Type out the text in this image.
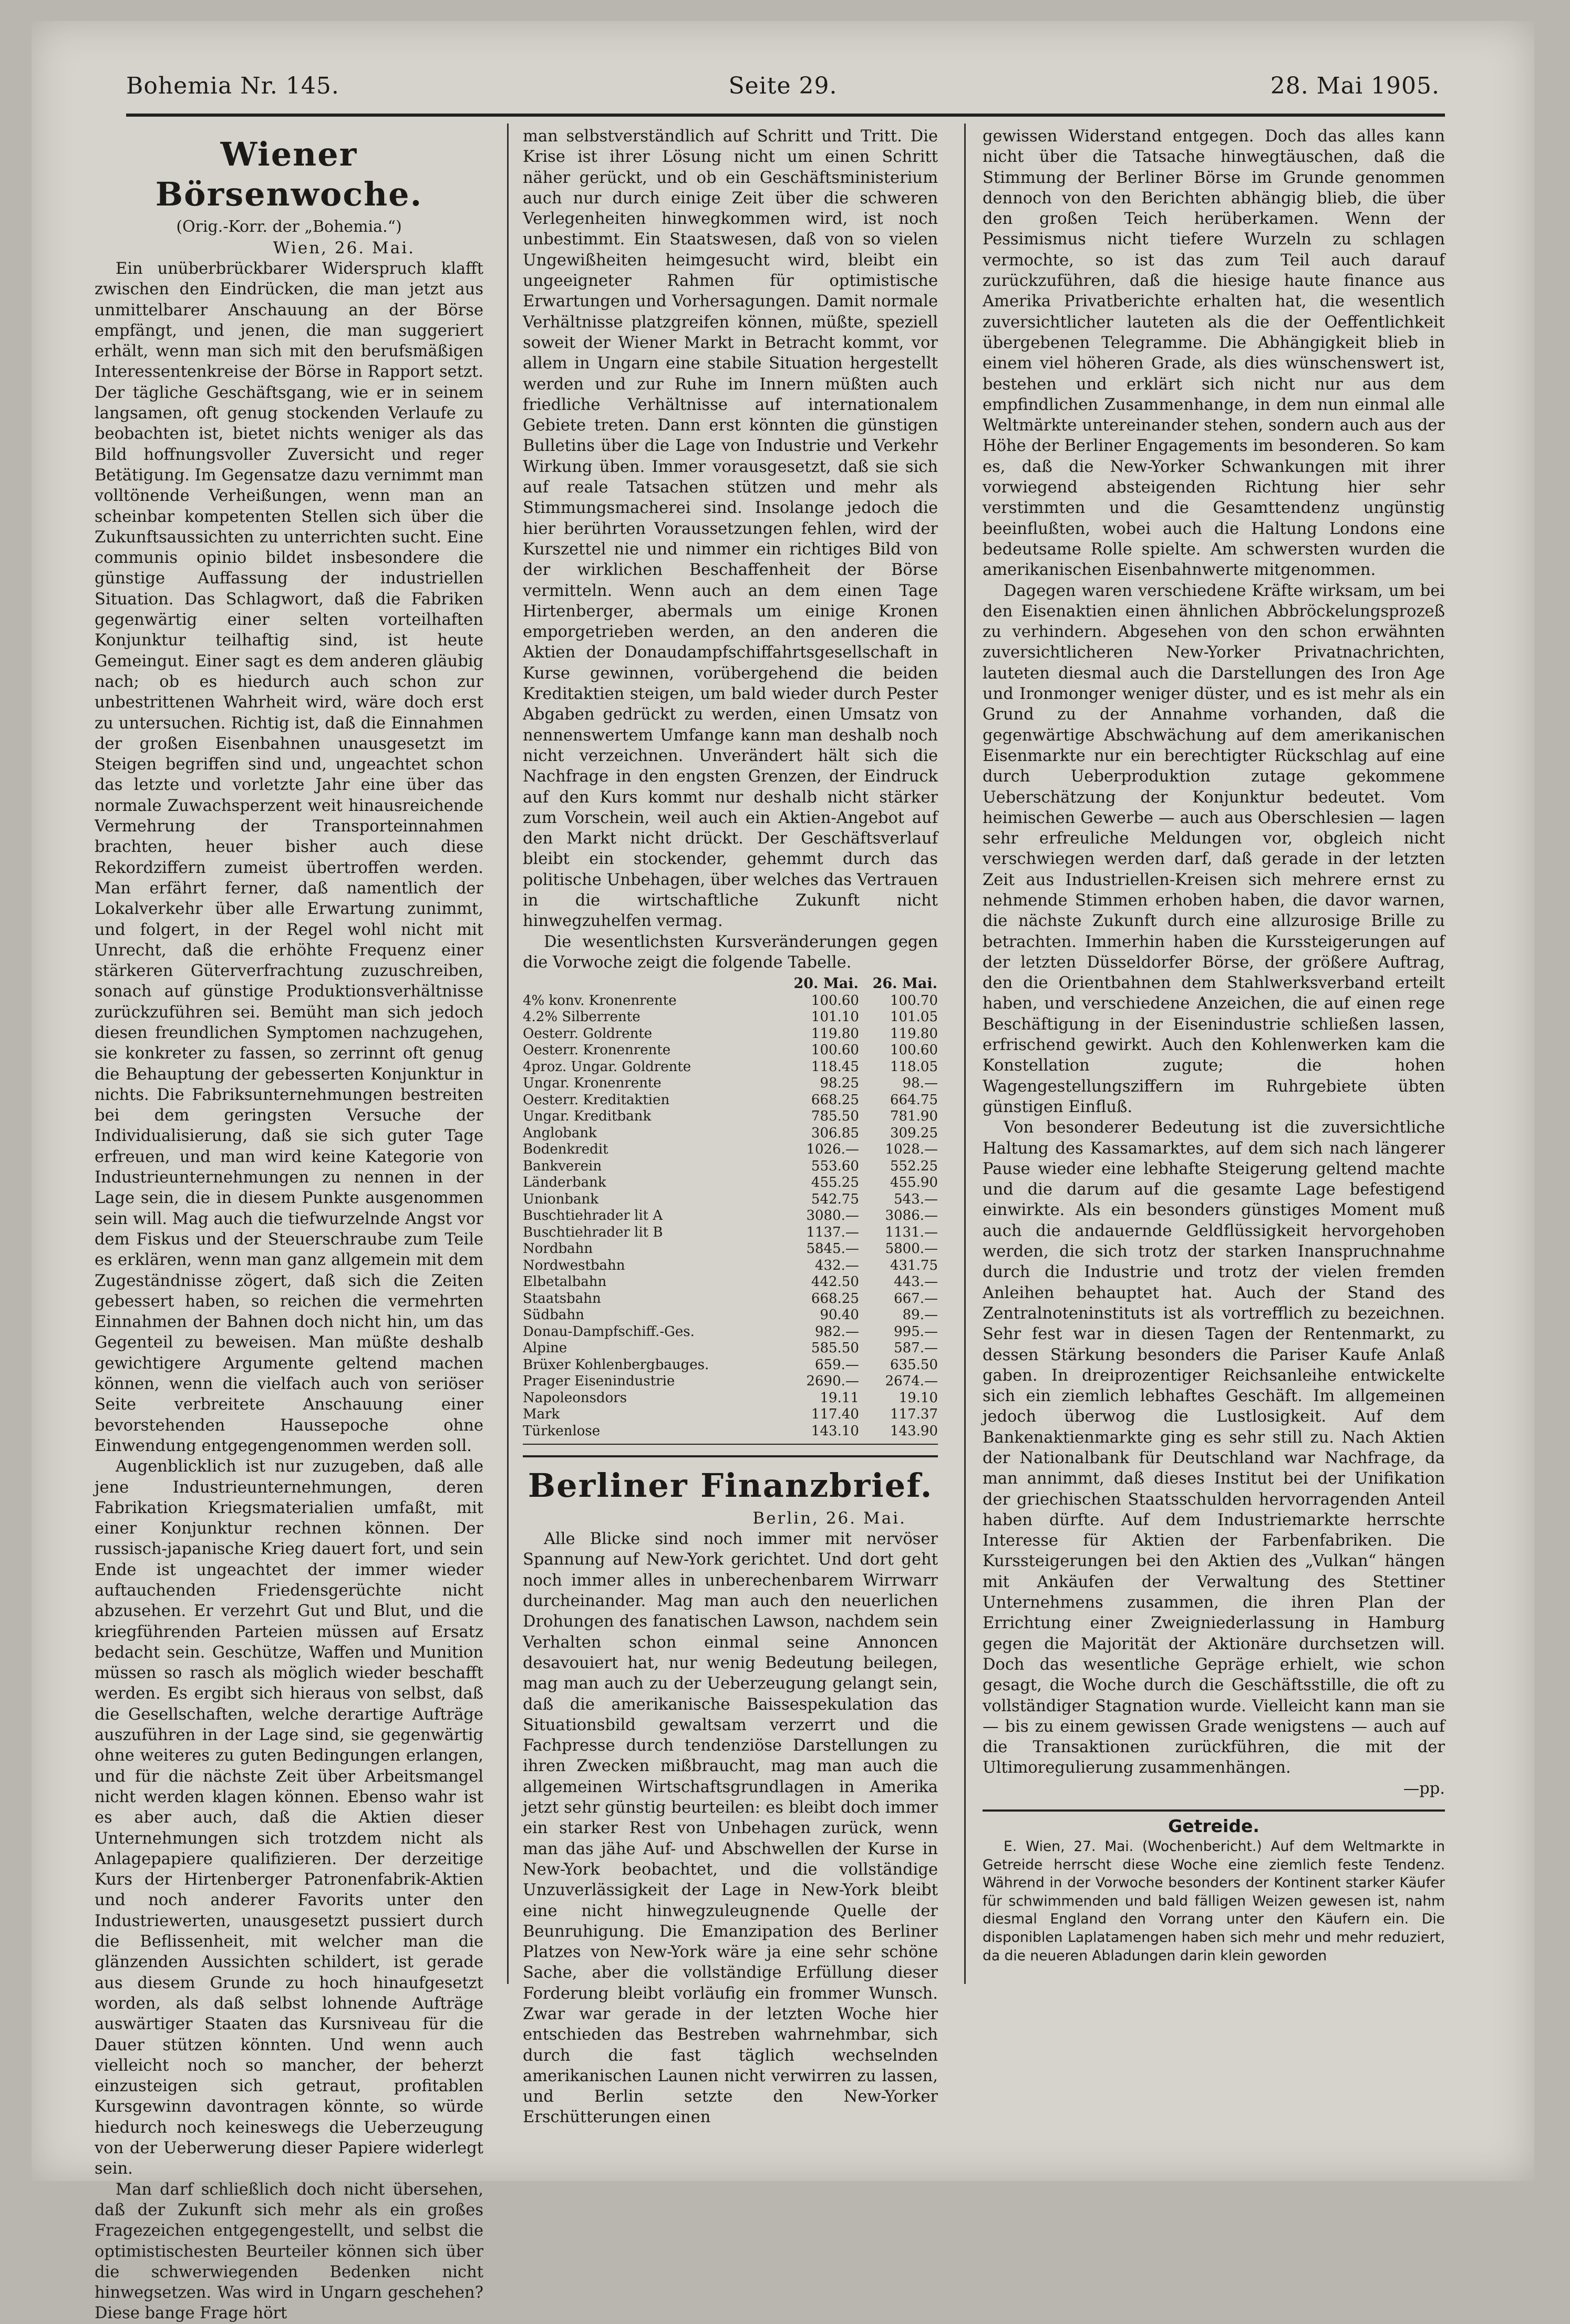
Bohemia Nr. 145.	Seite 29.	28. Mai 1905.
Wiener Börsenwoche.
(Orig.-Korr. der „Bohemia.“)
Wien, 26. Mai.

Ein unüberbrückbarer Widerspruch klafft zwischen den Eindrücken, die man jetzt aus unmittelbarer Anschauung an der Börse empfängt, und jenen, die man suggeriert erhält, wenn man sich mit den berufsmäßigen Interessentenkreise der Börse in Rapport setzt. Der tägliche Geschäftsgang, wie er in seinem langsamen, oft genug stockenden Verlaufe zu beobachten ist, bietet nichts weniger als das Bild hoffnungsvoller Zuversicht und reger Betätigung. Im Gegensatze dazu vernimmt man volltönende Verheißungen, wenn man an scheinbar kompetenten Stellen sich über die Zukunftsaussichten zu unterrichten sucht. Eine communis opinio bildet insbesondere die günstige Auffassung der industriellen Situation. Das Schlagwort, daß die Fabriken gegenwärtig einer selten vorteilhaften Konjunktur teilhaftig sind, ist heute Gemeingut. Einer sagt es dem anderen gläubig nach; ob es hiedurch auch schon zur unbestrittenen Wahrheit wird, wäre doch erst zu untersuchen. Richtig ist, daß die Einnahmen der großen Eisenbahnen unausgesetzt im Steigen begriffen sind und, ungeachtet schon das letzte und vorletzte Jahr eine über das normale Zuwachsperzent weit hinausreichende Vermehrung der Transporteinnahmen brachten, heuer bisher auch diese Rekordziffern zumeist übertroffen werden. Man erfährt ferner, daß namentlich der Lokalverkehr über alle Erwartung zunimmt, und folgert, in der Regel wohl nicht mit Unrecht, daß die erhöhte Frequenz einer stärkeren Güterverfrachtung zuzuschreiben, sonach auf günstige Produktionsverhältnisse zurückzuführen sei. Bemüht man sich jedoch diesen freundlichen Symptomen nachzugehen, sie konkreter zu fassen, so zerrinnt oft genug die Behauptung der gebesserten Konjunktur in nichts. Die Fabriksunternehmungen bestreiten bei dem geringsten Versuche der Individualisierung, daß sie sich guter Tage erfreuen, und man wird keine Kategorie von Industrieunternehmungen zu nennen in der Lage sein, die in diesem Punkte ausgenommen sein will. Mag auch die tiefwurzelnde Angst vor dem Fiskus und der Steuerschraube zum Teile es erklären, wenn man ganz allgemein mit dem Zugeständnisse zögert, daß sich die Zeiten gebessert haben, so reichen die vermehrten Einnahmen der Bahnen doch nicht hin, um das Gegenteil zu beweisen. Man müßte deshalb gewichtigere Argumente geltend machen können, wenn die vielfach auch von seriöser Seite verbreitete Anschauung einer bevorstehenden Haussepoche ohne Einwendung entgegengenommen werden soll.

Augenblicklich ist nur zuzugeben, daß alle jene Industrieunternehmungen, deren Fabrikation Kriegsmaterialien umfaßt, mit einer Konjunktur rechnen können. Der russisch-japanische Krieg dauert fort, und sein Ende ist ungeachtet der immer wieder auftauchenden Friedensgerüchte nicht abzusehen. Er verzehrt Gut und Blut, und die kriegführenden Parteien müssen auf Ersatz bedacht sein. Geschütze, Waffen und Munition müssen so rasch als möglich wieder beschafft werden. Es ergibt sich hieraus von selbst, daß die Gesellschaften, welche derartige Aufträge auszuführen in der Lage sind, sie gegenwärtig ohne weiteres zu guten Bedingungen erlangen, und für die nächste Zeit über Arbeitsmangel nicht werden klagen können. Ebenso wahr ist es aber auch, daß die Aktien dieser Unternehmungen sich trotzdem nicht als Anlagepapiere qualifizieren. Der derzeitige Kurs der Hirtenberger Patronenfabrik-Aktien und noch anderer Favorits unter den Industriewerten, unausgesetzt pussiert durch die Beflissenheit, mit welcher man die glänzenden Aussichten schildert, ist gerade aus diesem Grunde zu hoch hinaufgesetzt worden, als daß selbst lohnende Aufträge auswärtiger Staaten das Kursniveau für die Dauer stützen könnten. Und wenn auch vielleicht noch so mancher, der beherzt einzusteigen sich getraut, profitablen Kursgewinn davontragen könnte, so würde hiedurch noch keineswegs die Ueberzeugung von der Ueberwerung dieser Papiere widerlegt sein.

Man darf schließlich doch nicht übersehen, daß der Zukunft sich mehr als ein großes Fragezeichen entgegengestellt, und selbst die optimistischesten Beurteiler können sich über die schwerwiegenden Bedenken nicht hinwegsetzen. Was wird in Ungarn geschehen? Diese bange Frage hört

man selbstverständlich auf Schritt und Tritt. Die Krise ist ihrer Lösung nicht um einen Schritt näher gerückt, und ob ein Geschäftsministerium auch nur durch einige Zeit über die schweren Verlegenheiten hinwegkommen wird, ist noch unbestimmt. Ein Staatswesen, daß von so vielen Ungewißheiten heimgesucht wird, bleibt ein ungeeigneter Rahmen für optimistische Erwartungen und Vorhersagungen. Damit normale Verhältnisse platzgreifen können, müßte, speziell soweit der Wiener Markt in Betracht kommt, vor allem in Ungarn eine stabile Situation hergestellt werden und zur Ruhe im Innern müßten auch friedliche Verhältnisse auf internationalem Gebiete treten. Dann erst könnten die günstigen Bulletins über die Lage von Industrie und Verkehr Wirkung üben. Immer vorausgesetzt, daß sie sich auf reale Tatsachen stützen und mehr als Stimmungsmacherei sind. Insolange jedoch die hier berührten Voraussetzungen fehlen, wird der Kurszettel nie und nimmer ein richtiges Bild von der wirklichen Beschaffenheit der Börse vermitteln. Wenn auch an dem einen Tage Hirtenberger, abermals um einige Kronen emporgetrieben werden, an den anderen die Aktien der Donaudampfschiffahrtsgesellschaft in Kurse gewinnen, vorübergehend die beiden Kreditaktien steigen, um bald wieder durch Pester Abgaben gedrückt zu werden, einen Umsatz von nennenswertem Umfange kann man deshalb noch nicht verzeichnen. Unverändert hält sich die Nachfrage in den engsten Grenzen, der Eindruck auf den Kurs kommt nur deshalb nicht stärker zum Vorschein, weil auch ein Aktien-Angebot auf den Markt nicht drückt. Der Geschäftsverlauf bleibt ein stockender, gehemmt durch das politische Unbehagen, über welches das Vertrauen in die wirtschaftliche Zukunft nicht hinwegzuhelfen vermag.

Die wesentlichsten Kursveränderungen gegen die Vorwoche zeigt die folgende Tabelle.

	20. Mai.	26. Mai.
4% konv. Kronenrente	100.60	100.70
4.2% Silberrente	101.10	101.05
Oesterr. Goldrente	119.80	119.80
Oesterr. Kronenrente	100.60	100.60
4proz. Ungar. Goldrente	118.45	118.05
Ungar. Kronenrente	98.25	98.—
Oesterr. Kreditaktien	668.25	664.75
Ungar. Kreditbank	785.50	781.90
Anglobank	306.85	309.25
Bodenkredit	1026.—	1028.—
Bankverein	553.60	552.25
Länderbank	455.25	455.90
Unionbank	542.75	543.—
Buschtiehrader lit A	3080.—	3086.—
Buschtiehrader lit B	1137.—	1131.—
Nordbahn	5845.—	5800.—
Nordwestbahn	432.—	431.75
Elbetalbahn	442.50	443.—
Staatsbahn	668.25	667.—
Südbahn	90.40	89.—
Donau-Dampfschiff.-Ges.	982.—	995.—
Alpine	585.50	587.—
Brüxer Kohlenbergbauges.	659.—	635.50
Prager Eisenindustrie	2690.—	2674.—
Napoleonsdors	19.11	19.10
Mark	117.40	117.37
Türkenlose	143.10	143.90
Berliner Finanzbrief.
Berlin, 26. Mai.

Alle Blicke sind noch immer mit nervöser Spannung auf New-York gerichtet. Und dort geht noch immer alles in unberechenbarem Wirrwarr durcheinander. Mag man auch den neuerlichen Drohungen des fanatischen Lawson, nachdem sein Verhalten schon einmal seine Annoncen desavouiert hat, nur wenig Bedeutung beilegen, mag man auch zu der Ueberzeugung gelangt sein, daß die amerikanische Baissespekulation das Situationsbild gewaltsam verzerrt und die Fachpresse durch tendenziöse Darstellungen zu ihren Zwecken mißbraucht, mag man auch die allgemeinen Wirtschaftsgrundlagen in Amerika jetzt sehr günstig beurteilen: es bleibt doch immer ein starker Rest von Unbehagen zurück, wenn man das jähe Auf- und Abschwellen der Kurse in New-York beobachtet, und die vollständige Unzuverlässigkeit der Lage in New-York bleibt eine nicht hinwegzuleugnende Quelle der Beunruhigung. Die Emanzipation des Berliner Platzes von New-York wäre ja eine sehr schöne Sache, aber die vollständige Erfüllung dieser Forderung bleibt vorläufig ein frommer Wunsch. Zwar war gerade in der letzten Woche hier entschieden das Bestreben wahrnehmbar, sich durch die fast täglich wechselnden amerikanischen Launen nicht verwirren zu lassen, und Berlin setzte den New-Yorker Erschütterungen einen

gewissen Widerstand entgegen. Doch das alles kann nicht über die Tatsache hinwegtäuschen, daß die Stimmung der Berliner Börse im Grunde genommen dennoch von den Berichten abhängig blieb, die über den großen Teich herüberkamen. Wenn der Pessimismus nicht tiefere Wurzeln zu schlagen vermochte, so ist das zum Teil auch darauf zurückzuführen, daß die hiesige haute finance aus Amerika Privatberichte erhalten hat, die wesentlich zuversichtlicher lauteten als die der Oeffentlichkeit übergebenen Telegramme. Die Abhängigkeit blieb in einem viel höheren Grade, als dies wünschenswert ist, bestehen und erklärt sich nicht nur aus dem empfindlichen Zusammenhange, in dem nun einmal alle Weltmärkte untereinander stehen, sondern auch aus der Höhe der Berliner Engagements im besonderen. So kam es, daß die New-Yorker Schwankungen mit ihrer vorwiegend absteigenden Richtung hier sehr verstimmten und die Gesamttendenz ungünstig beeinflußten, wobei auch die Haltung Londons eine bedeutsame Rolle spielte. Am schwersten wurden die amerikanischen Eisenbahnwerte mitgenommen.

Dagegen waren verschiedene Kräfte wirksam, um bei den Eisenaktien einen ähnlichen Abbröckelungsprozeß zu verhindern. Abgesehen von den schon erwähnten zuversichtlicheren New-Yorker Privatnachrichten, lauteten diesmal auch die Darstellungen des Iron Age und Ironmonger weniger düster, und es ist mehr als ein Grund zu der Annahme vorhanden, daß die gegenwärtige Abschwächung auf dem amerikanischen Eisenmarkte nur ein berechtigter Rückschlag auf eine durch Ueberproduktion zutage gekommene Ueberschätzung der Konjunktur bedeutet. Vom heimischen Gewerbe — auch aus Oberschlesien — lagen sehr erfreuliche Meldungen vor, obgleich nicht verschwiegen werden darf, daß gerade in der letzten Zeit aus Industriellen-Kreisen sich mehrere ernst zu nehmende Stimmen erhoben haben, die davor warnen, die nächste Zukunft durch eine allzurosige Brille zu betrachten. Immerhin haben die Kurssteigerungen auf der letzten Düsseldorfer Börse, der größere Auftrag, den die Orientbahnen dem Stahlwerksverband erteilt haben, und verschiedene Anzeichen, die auf einen rege Beschäftigung in der Eisenindustrie schließen lassen, erfrischend gewirkt. Auch den Kohlenwerken kam die Konstellation zugute; die hohen Wagengestellungsziffern im Ruhrgebiete übten günstigen Einfluß.

Von besonderer Bedeutung ist die zuversichtliche Haltung des Kassamarktes, auf dem sich nach längerer Pause wieder eine lebhafte Steigerung geltend machte und die darum auf die gesamte Lage befestigend einwirkte. Als ein besonders günstiges Moment muß auch die andauernde Geldflüssigkeit hervorgehoben werden, die sich trotz der starken Inanspruchnahme durch die Industrie und trotz der vielen fremden Anleihen behauptet hat. Auch der Stand des Zentralnoteninstituts ist als vortrefflich zu bezeichnen. Sehr fest war in diesen Tagen der Rentenmarkt, zu dessen Stärkung besonders die Pariser Kaufe Anlaß gaben. In dreiprozentiger Reichsanleihe entwickelte sich ein ziemlich lebhaftes Geschäft. Im allgemeinen jedoch überwog die Lustlosigkeit. Auf dem Bankenaktienmarkte ging es sehr still zu. Nach Aktien der Nationalbank für Deutschland war Nachfrage, da man annimmt, daß dieses Institut bei der Unifikation der griechischen Staatsschulden hervorragenden Anteil haben dürfte. Auf dem Industriemarkte herrschte Interesse für Aktien der Farbenfabriken. Die Kurssteigerungen bei den Aktien des „Vulkan“ hängen mit Ankäufen der Verwaltung des Stettiner Unternehmens zusammen, die ihren Plan der Errichtung einer Zweigniederlassung in Hamburg gegen die Majorität der Aktionäre durchsetzen will. Doch das wesentliche Gepräge erhielt, wie schon gesagt, die Woche durch die Geschäftsstille, die oft zu vollständiger Stagnation wurde. Vielleicht kann man sie — bis zu einem gewissen Grade wenigstens — auch auf die Transaktionen zurückführen, die mit der Ultimoregulierung zusammenhängen.

—pp.
Getreide.

E. Wien, 27. Mai. (Wochenbericht.) Auf dem Weltmarkte in Getreide herrscht diese Woche eine ziemlich feste Tendenz. Während in der Vorwoche besonders der Kontinent starker Käufer für schwimmenden und bald fälligen Weizen gewesen ist, nahm diesmal England den Vorrang unter den Käufern ein. Die disponiblen Laplatamengen haben sich mehr und mehr reduziert, da die neueren Abladungen darin klein geworden
